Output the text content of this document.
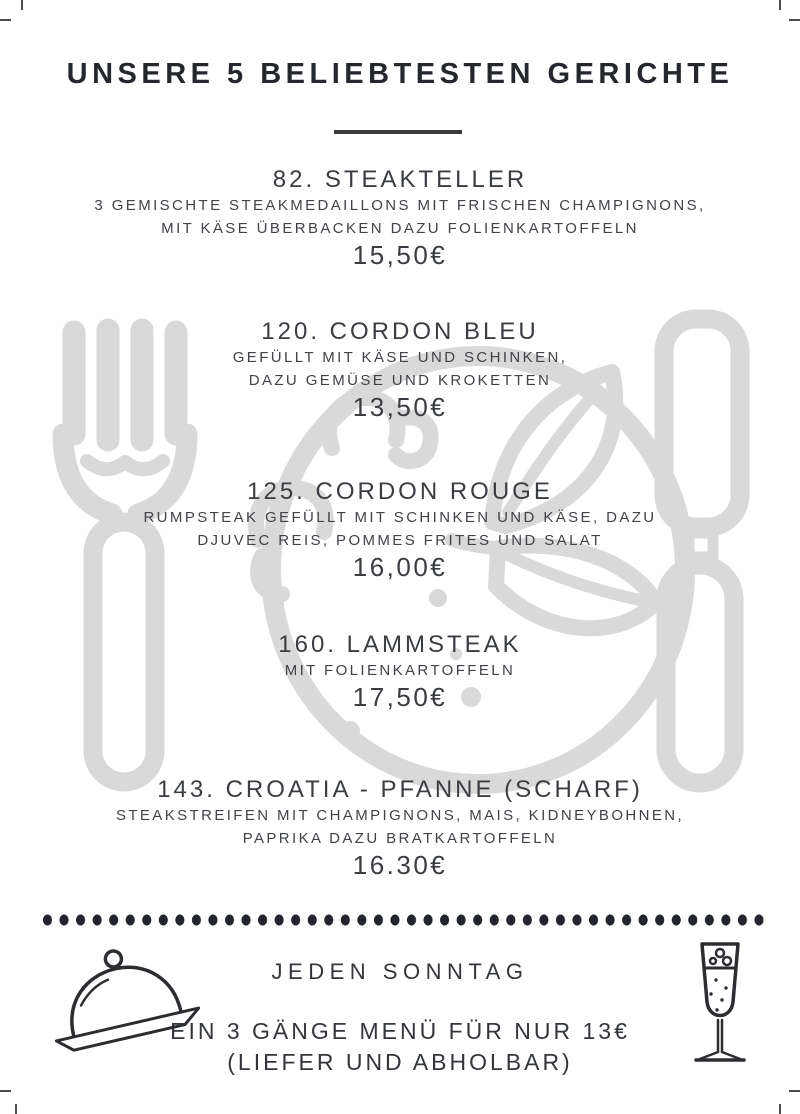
UNSERE 5 BELIEBTESTEN GERICHTE
82. STEAKTELLER
3 GEMISCHTE STEAKMEDAILLONS MIT FRISCHEN CHAMPIGNONS,
MIT KÄSE ÜBERBACKEN DAZU FOLIENKARTOFFELN
15,50€
120. CORDON BLEU
GEFÜLLT MIT KÄSE UND SCHINKEN,
DAZU GEMÜSE UND KROKETTEN
13,50€
125. CORDON ROUGE
RUMPSTEAK GEFÜLLT MIT SCHINKEN UND KÄSE, DAZU
DJUVEC REIS, POMMES FRITES UND SALAT
16,00€
160. LAMMSTEAK
MIT FOLIENKARTOFFELN
17,50€
143. CROATIA - PFANNE (SCHARF)
STEAKSTREIFEN MIT CHAMPIGNONS, MAIS, KIDNEYBOHNEN,
PAPRIKA DAZU BRATKARTOFFELN
16.30€
JEDEN SONNTAG
EIN 3 GÄNGE MENÜ FÜR NUR 13€
(LIEFER UND ABHOLBAR)
